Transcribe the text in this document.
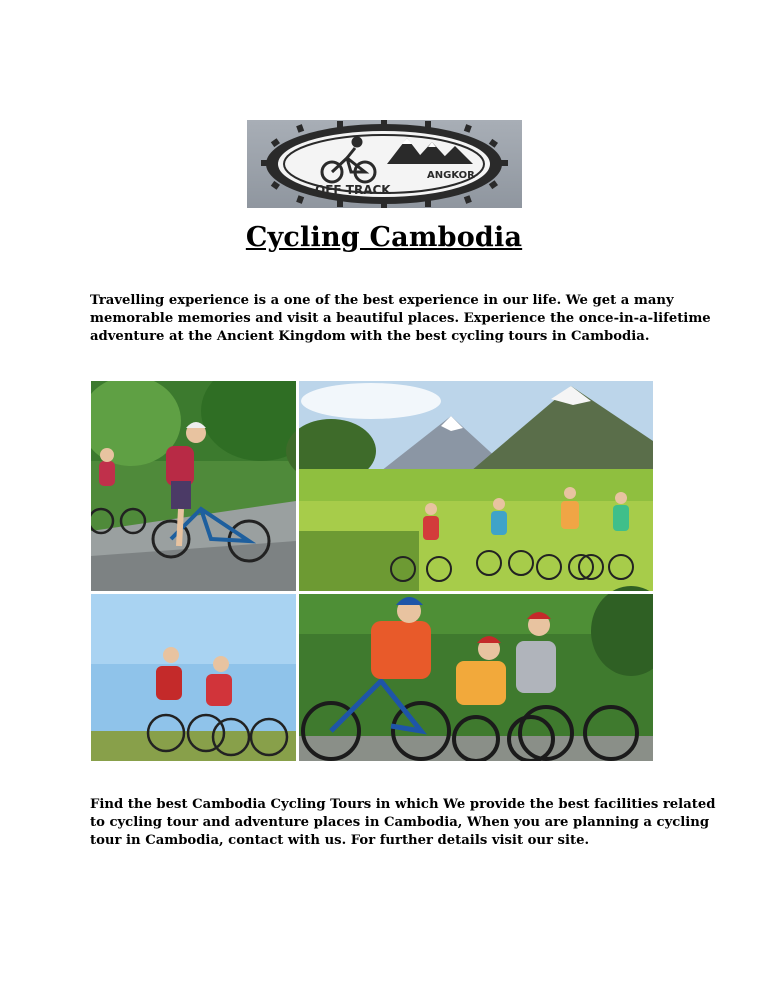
ANGKOR
OFF TRACK
Cycling Cambodia

Travelling experience is a one of the best experience in our life. We get a many

memorable memories and visit a beautiful places. Experience the once-in-a-lifetime

adventure at the Ancient Kingdom with the best cycling tours in Cambodia.

Find the best Cambodia Cycling Tours in which We provide the best facilities related

to cycling tour and adventure places in Cambodia, When you are planning a cycling

tour in Cambodia, contact with us. For further details visit our site.
